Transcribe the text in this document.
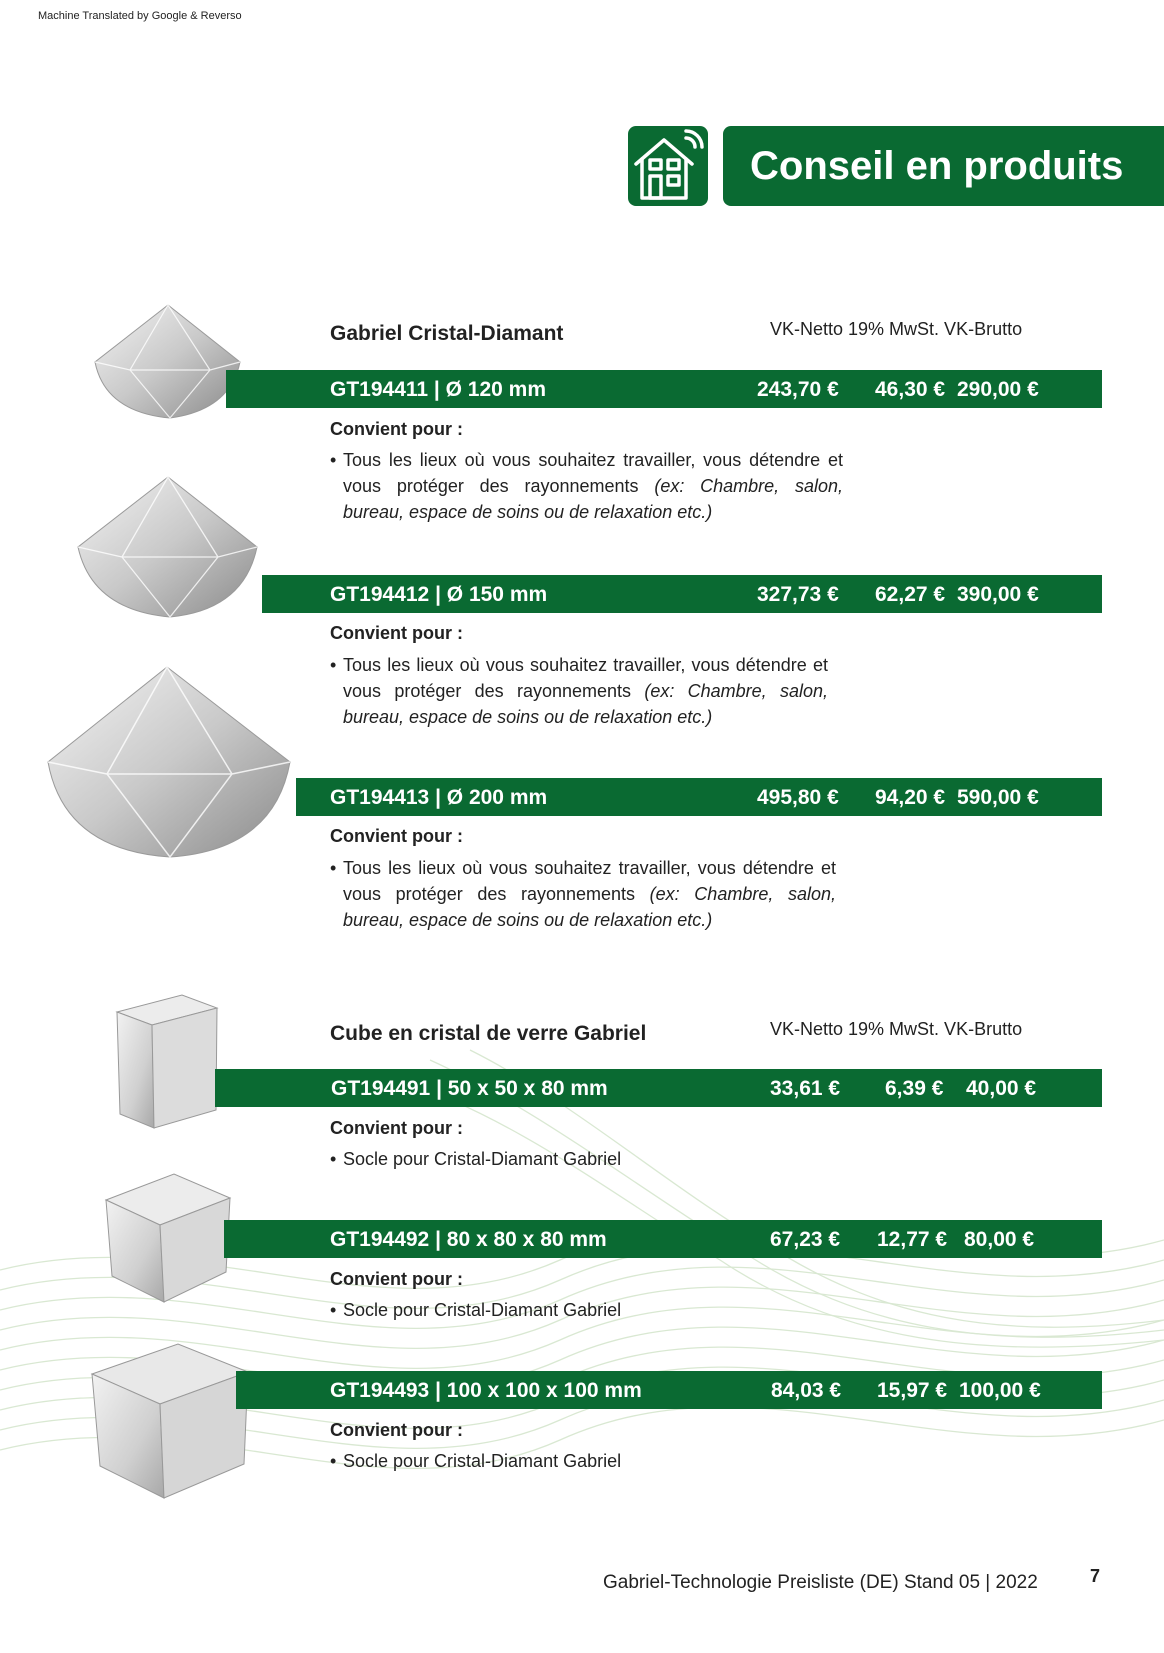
Machine Translated by Google & Reverso
Conseil en produits
Gabriel Cristal-Diamant	VK-Netto 19% MwSt. VK-Brutto
GT194411 | Ø 120 mm	243,70 € 46,30 € 290,00 €
Convient pour :
• Tous les lieux où vous souhaitez travailler, vous détendre et vous protéger des rayonnements (ex: Chambre, salon, bureau, espace de soins ou de relaxation etc.)
GT194412 | Ø 150 mm	327,73 € 62,27 € 390,00 €
Convient pour :
• Tous les lieux où vous souhaitez travailler, vous détendre et vous protéger des rayonnements (ex: Chambre, salon, bureau, espace de soins ou de relaxation etc.)
GT194413 | Ø 200 mm	495,80 € 94,20 € 590,00 €
Convient pour :
• Tous les lieux où vous souhaitez travailler, vous détendre et vous protéger des rayonnements (ex: Chambre, salon, bureau, espace de soins ou de relaxation etc.)
Cube en cristal de verre Gabriel	VK-Netto 19% MwSt. VK-Brutto
GT194491 | 50 x 50 x 80 mm	33,61 € 6,39 € 40,00 €
Convient pour :
• Socle pour Cristal-Diamant Gabriel
GT194492 | 80 x 80 x 80 mm	67,23 € 12,77 € 80,00 €
Convient pour :
• Socle pour Cristal-Diamant Gabriel
GT194493 | 100 x 100 x 100 mm	84,03 € 15,97 € 100,00 €
Convient pour :
• Socle pour Cristal-Diamant Gabriel
Gabriel-Technologie Preisliste (DE) Stand 05 | 2022	7
